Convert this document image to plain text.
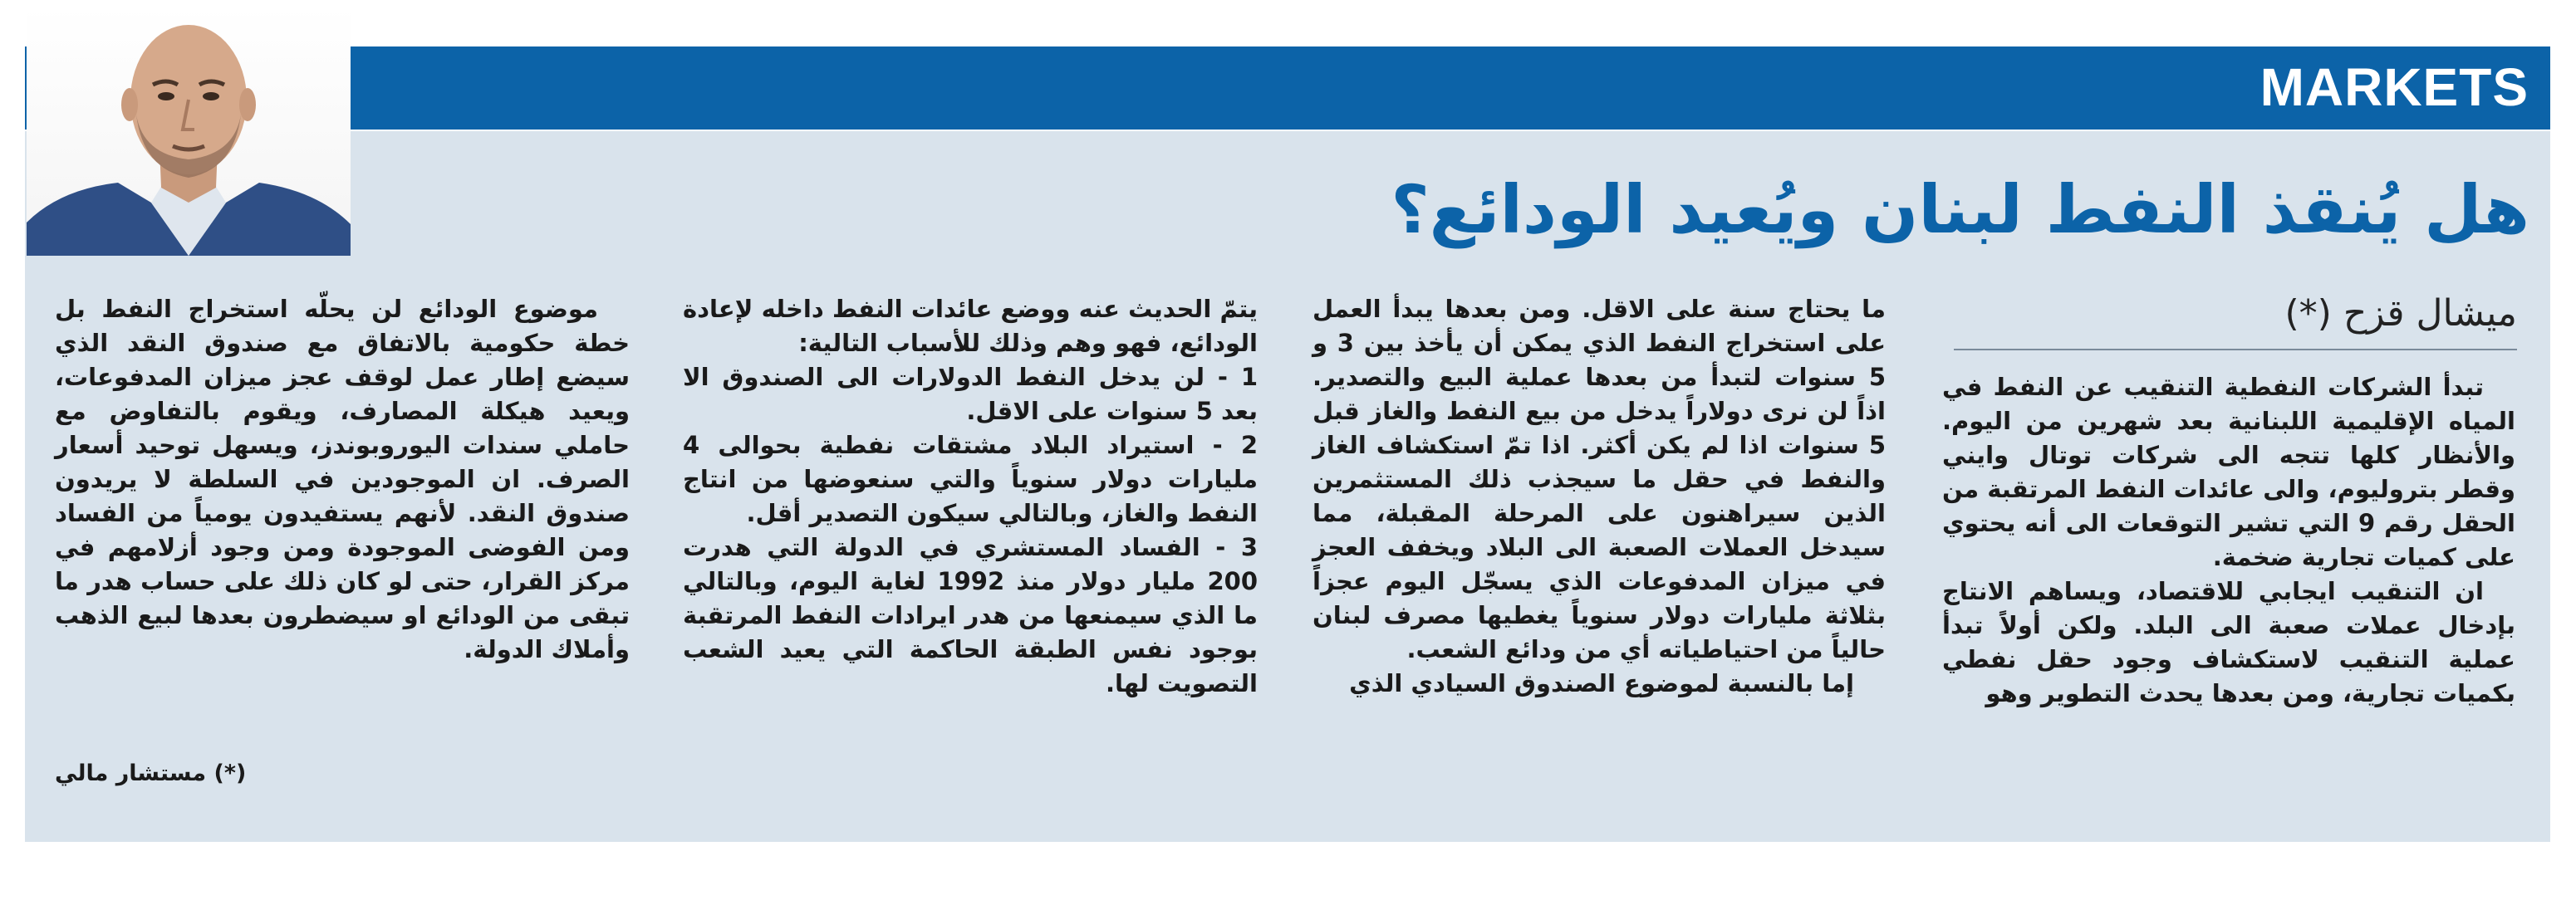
MARKETS
هل يُنقذ النفط لبنان ويُعيد الودائع؟
ميشال قزح (*)

تبدأ الشركات النفطية التنقيب عن النفط في المياه الإقليمية اللبنانية بعد شهرين من اليوم. والأنظار كلها تتجه الى شركات توتال وايني وقطر بتروليوم، والى عائدات النفط المرتقبة من الحقل رقم 9 التي تشير التوقعات الى أنه يحتوي على كميات تجارية ضخمة.

ان التنقيب ايجابي للاقتصاد، ويساهم الانتاج بإدخال عملات صعبة الى البلد. ولكن أولاً تبدأ عملية التنقيب لاستكشاف وجود حقل نفطي بكميات تجارية، ومن بعدها يحدث التطوير وهو

ما يحتاج سنة على الاقل. ومن بعدها يبدأ العمل على استخراج النفط الذي يمكن أن يأخذ بين 3 و 5 سنوات لتبدأ من بعدها عملية البيع والتصدير. اذاً لن نرى دولاراً يدخل من بيع النفط والغاز قبل 5 سنوات اذا لم يكن أكثر. اذا تمّ استكشاف الغاز والنفط في حقل ما سيجذب ذلك المستثمرين الذين سيراهنون على المرحلة المقبلة، مما سيدخل العملات الصعبة الى البلاد ويخفف العجز في ميزان المدفوعات الذي يسجّل اليوم عجزاً بثلاثة مليارات دولار سنوياً يغطيها مصرف لبنان حالياً من احتياطياته أي من ودائع الشعب.

إما بالنسبة لموضوع الصندوق السيادي الذي

يتمّ الحديث عنه ووضع عائدات النفط داخله لإعادة الودائع، فهو وهم وذلك للأسباب التالية:

1 - لن يدخل النفط الدولارات الى الصندوق الا بعد 5 سنوات على الاقل.

2 - استيراد البلاد مشتقات نفطية بحوالى 4 مليارات دولار سنوياً والتي سنعوضها من انتاج النفط والغاز، وبالتالي سيكون التصدير أقل.

3 - الفساد المستشري في الدولة التي هدرت 200 مليار دولار منذ 1992 لغاية اليوم، وبالتالي ما الذي سيمنعها من هدر ايرادات النفط المرتقبة بوجود نفس الطبقة الحاكمة التي يعيد الشعب التصويت لها.

موضوع الودائع لن يحلّه استخراج النفط بل خطة حكومية بالاتفاق مع صندوق النقد الذي سيضع إطار عمل لوقف عجز ميزان المدفوعات، ويعيد هيكلة المصارف، ويقوم بالتفاوض مع حاملي سندات اليوروبوندز، ويسهل توحيد أسعار الصرف. ان الموجودين في السلطة لا يريدون صندوق النقد. لأنهم يستفيدون يومياً من الفساد ومن الفوضى الموجودة ومن وجود أزلامهم في مركز القرار، حتى لو كان ذلك على حساب هدر ما تبقى من الودائع او سيضطرون بعدها لبيع الذهب وأملاك الدولة.

(*) مستشار مالي
